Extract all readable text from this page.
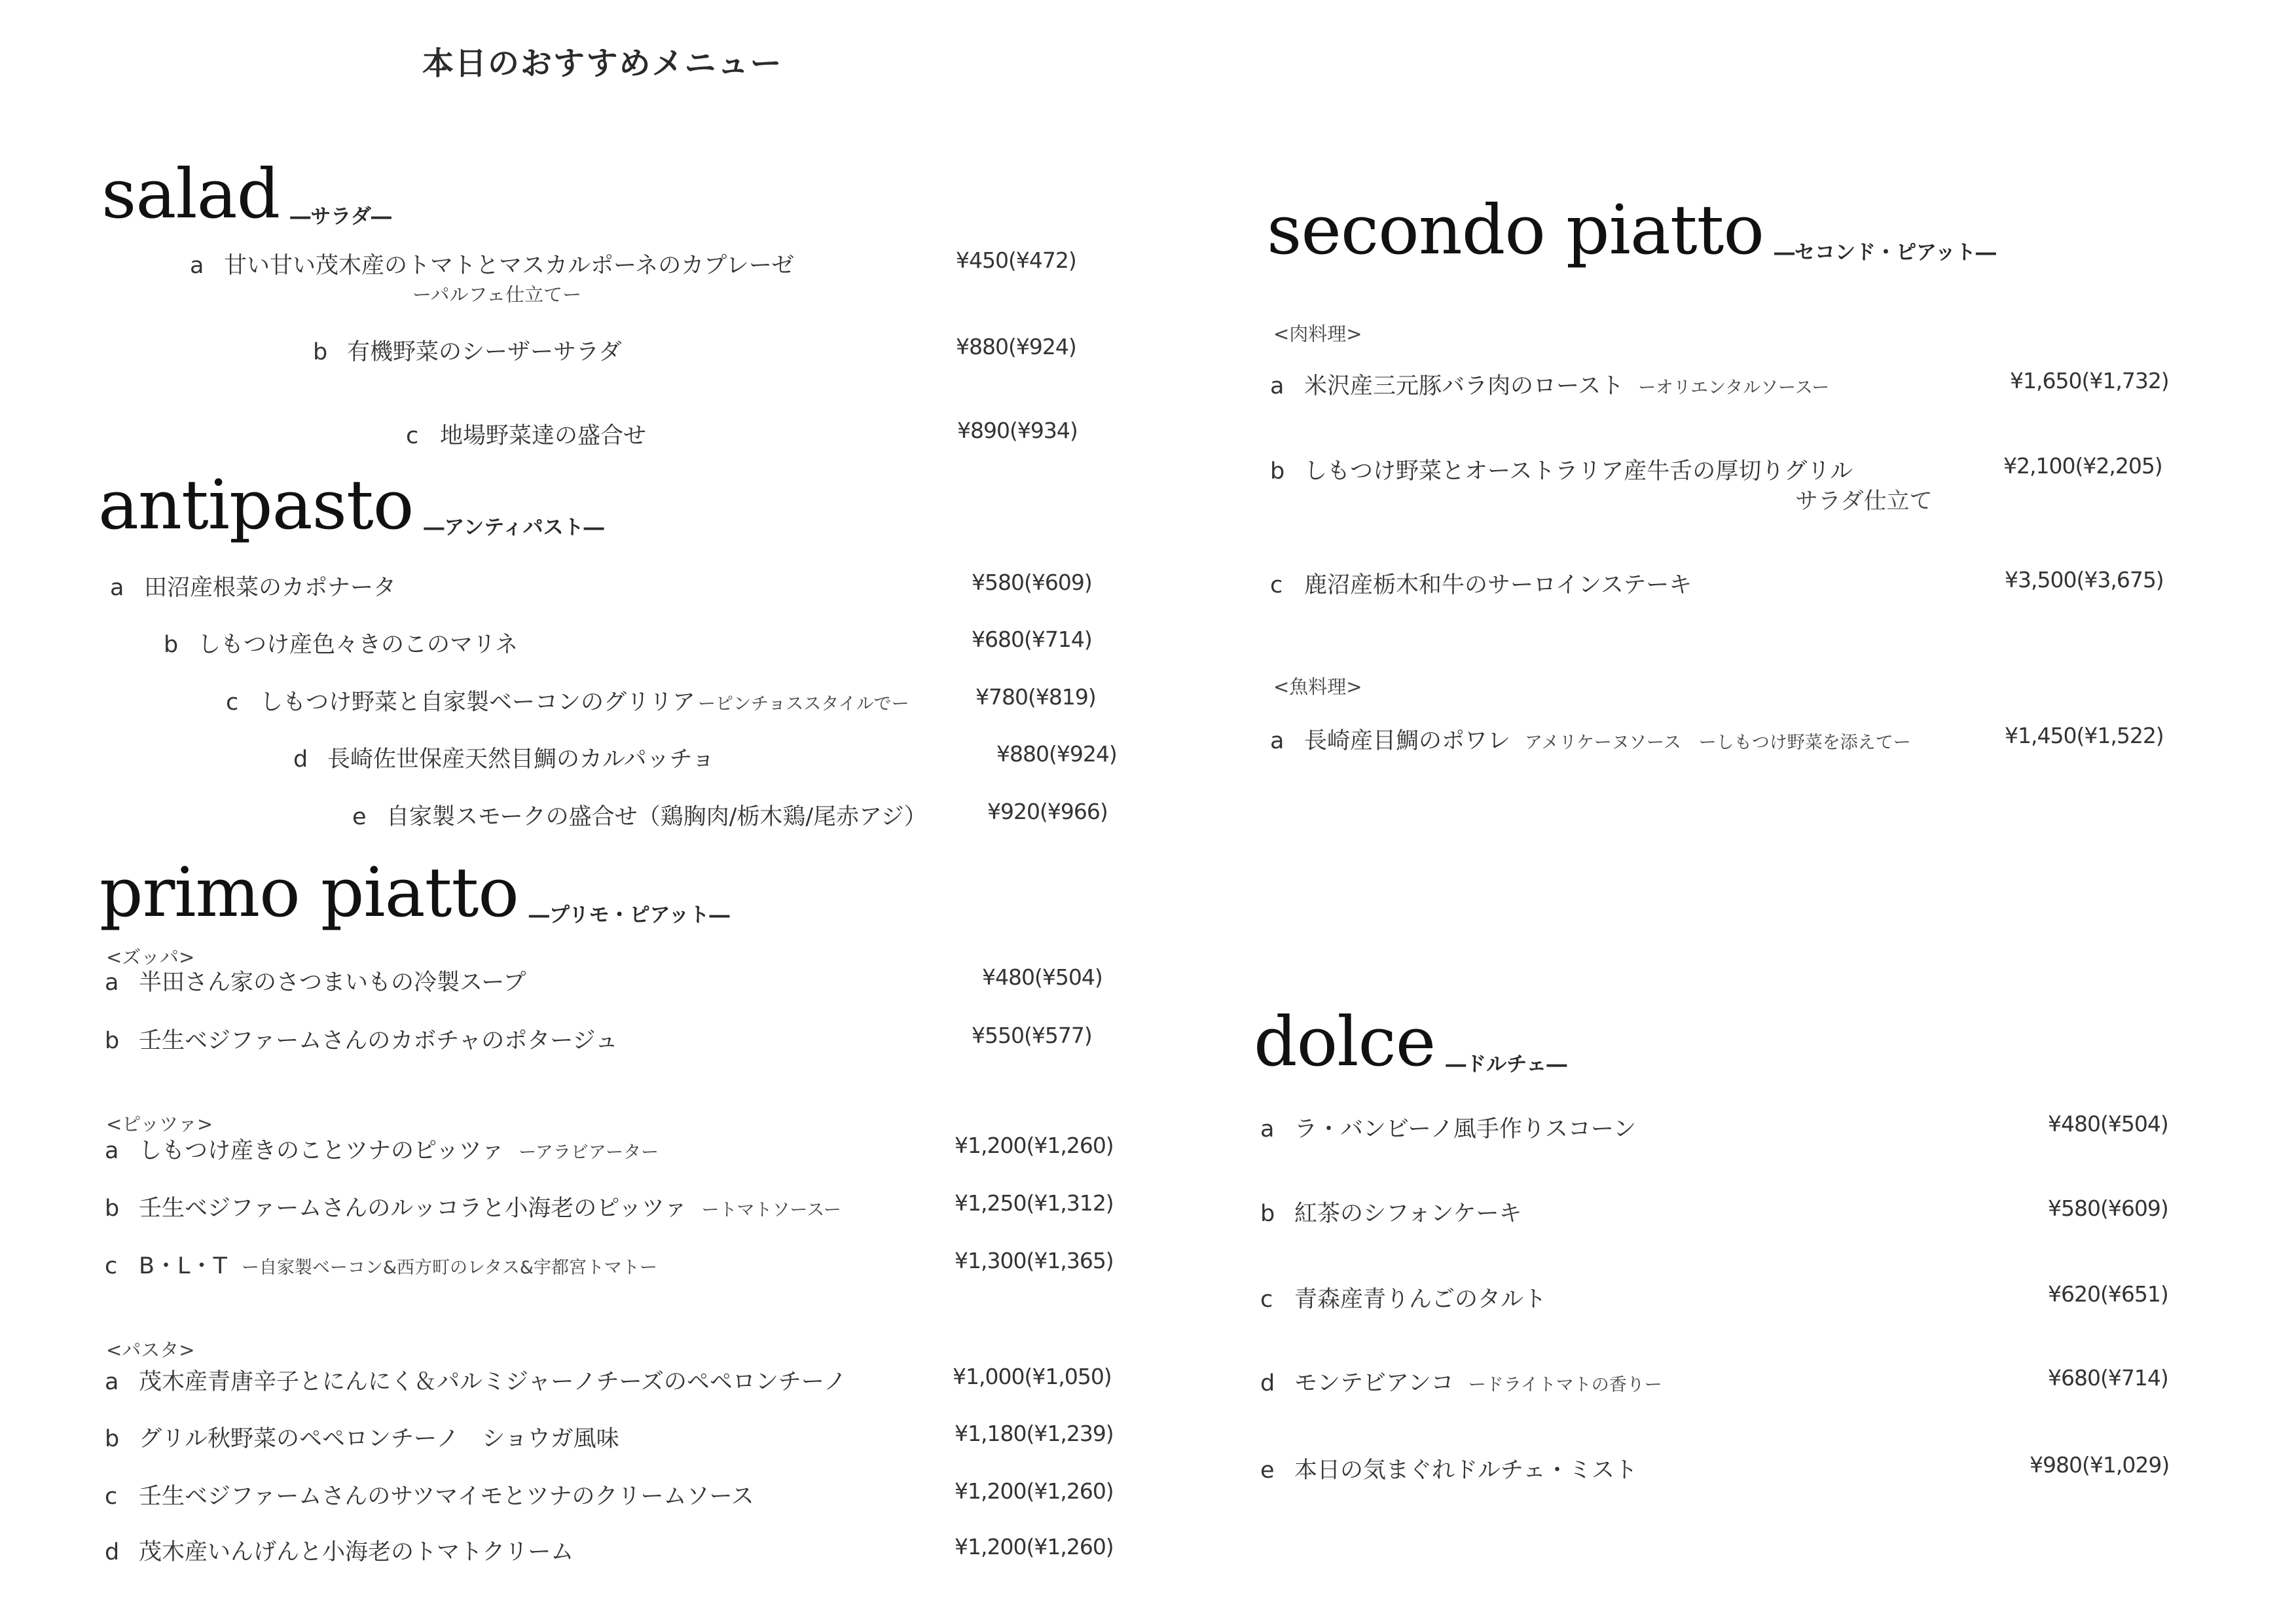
本日のおすすめメニュー
salad ―サラダ―
a 甘い甘い茂木産のトマトとマスカルポーネのカプレーゼ
ーパルフェ仕立てー
¥450(¥472)
b 有機野菜のシーザーサラダ	¥880(¥924)
c 地場野菜達の盛合せ	¥890(¥934)
antipasto ―アンティパスト―
a 田沼産根菜のカポナータ	¥580(¥609)
b しもつけ産色々きのこのマリネ	¥680(¥714)
c しもつけ野菜と自家製ベーコンのグリリア ーピンチョススタイルでー	¥780(¥819)
d 長崎佐世保産天然目鯛のカルパッチョ	¥880(¥924)
e 自家製スモークの盛合せ（鶏胸肉/栃木鶏/尾赤アジ）	¥920(¥966)
primo piatto ―プリモ・ピアット―
<ズッパ>
a 半田さん家のさつまいもの冷製スープ	¥480(¥504)
b 壬生ベジファームさんのカボチャのポタージュ	¥550(¥577)
<ピッツァ>
a しもつけ産きのことツナのピッツァ ーアラビアーター	¥1,200(¥1,260)
b 壬生ベジファームさんのルッコラと小海老のピッツァ ートマトソースー	¥1,250(¥1,312)
c B・L・T ー自家製ベーコン&西方町のレタス&宇都宮トマトー	¥1,300(¥1,365)
<パスタ>
a 茂木産青唐辛子とにんにく＆パルミジャーノチーズのペペロンチーノ	¥1,000(¥1,050)
b グリル秋野菜のペペロンチーノ　ショウガ風味	¥1,180(¥1,239)
c 壬生ベジファームさんのサツマイモとツナのクリームソース	¥1,200(¥1,260)
d 茂木産いんげんと小海老のトマトクリーム	¥1,200(¥1,260)
secondo piatto ―セコンド・ピアット―
<肉料理>
a 米沢産三元豚バラ肉のロースト ーオリエンタルソースー	¥1,650(¥1,732)
b しもつけ野菜とオーストラリア産牛舌の厚切りグリル
サラダ仕立て
¥2,100(¥2,205)
c 鹿沼産栃木和牛のサーロインステーキ	¥3,500(¥3,675)
<魚料理>
a 長崎産目鯛のポワレ アメリケーヌソース　ーしもつけ野菜を添えてー	¥1,450(¥1,522)
dolce ―ドルチェ―
a ラ・バンビーノ風手作りスコーン	¥480(¥504)
b 紅茶のシフォンケーキ	¥580(¥609)
c 青森産青りんごのタルト	¥620(¥651)
d モンテビアンコ ードライトマトの香りー	¥680(¥714)
e 本日の気まぐれドルチェ・ミスト	¥980(¥1,029)
